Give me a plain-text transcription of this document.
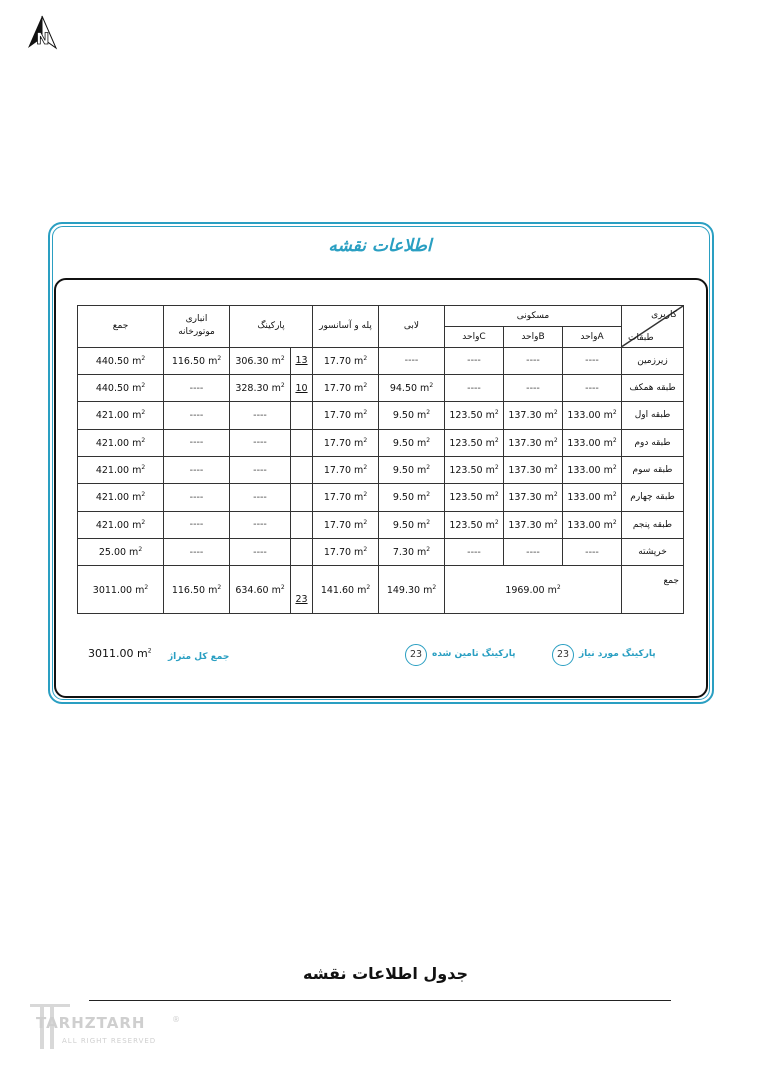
N
اطلاعات نقشه
جمع	انباری موتورخانه	پارکینگ		پله و آسانسور	لابی	مسکونی			کاربری
طبقات

						واحدC	واحدB	واحدA	
440.50 $m^2$	116.50 $m^2$	306.30 $m^2$	13	17.70 $m^2$	----	----	----	----	زیرزمین
440.50 $m^2$	----	328.30 $m^2$	10	17.70 $m^2$	94.50 $m^2$	----	----	----	طبقه همکف
421.00 $m^2$	----	----		17.70 $m^2$	9.50 $m^2$	123.50 $m^2$	137.30 $m^2$	133.00 $m^2$	طبقه اول
421.00 $m^2$	----	----		17.70 $m^2$	9.50 $m^2$	123.50 $m^2$	137.30 $m^2$	133.00 $m^2$	طبقه دوم
421.00 $m^2$	----	----		17.70 $m^2$	9.50 $m^2$	123.50 $m^2$	137.30 $m^2$	133.00 $m^2$	طبقه سوم
421.00 $m^2$	----	----		17.70 $m^2$	9.50 $m^2$	123.50 $m^2$	137.30 $m^2$	133.00 $m^2$	طبقه چهارم
421.00 $m^2$	----	----		17.70 $m^2$	9.50 $m^2$	123.50 $m^2$	137.30 $m^2$	133.00 $m^2$	طبقه پنجم
25.00 $m^2$	----	----		17.70 $m^2$	7.30 $m^2$	----	----	----	خرپشته
3011.00 $m^2$	116.50 $m^2$	634.60 $m^2$	23	141.60 $m^2$	149.30 $m^2$	1969.00 $m^2$			جمع
3011.00 $m^2$
جمع کل متراژ	23	پارکینگ تامین شده	23	پارکینگ مورد نیاز
جدول اطلاعات نقشه
TARHZTARH
ALL RIGHT RESERVED
®
